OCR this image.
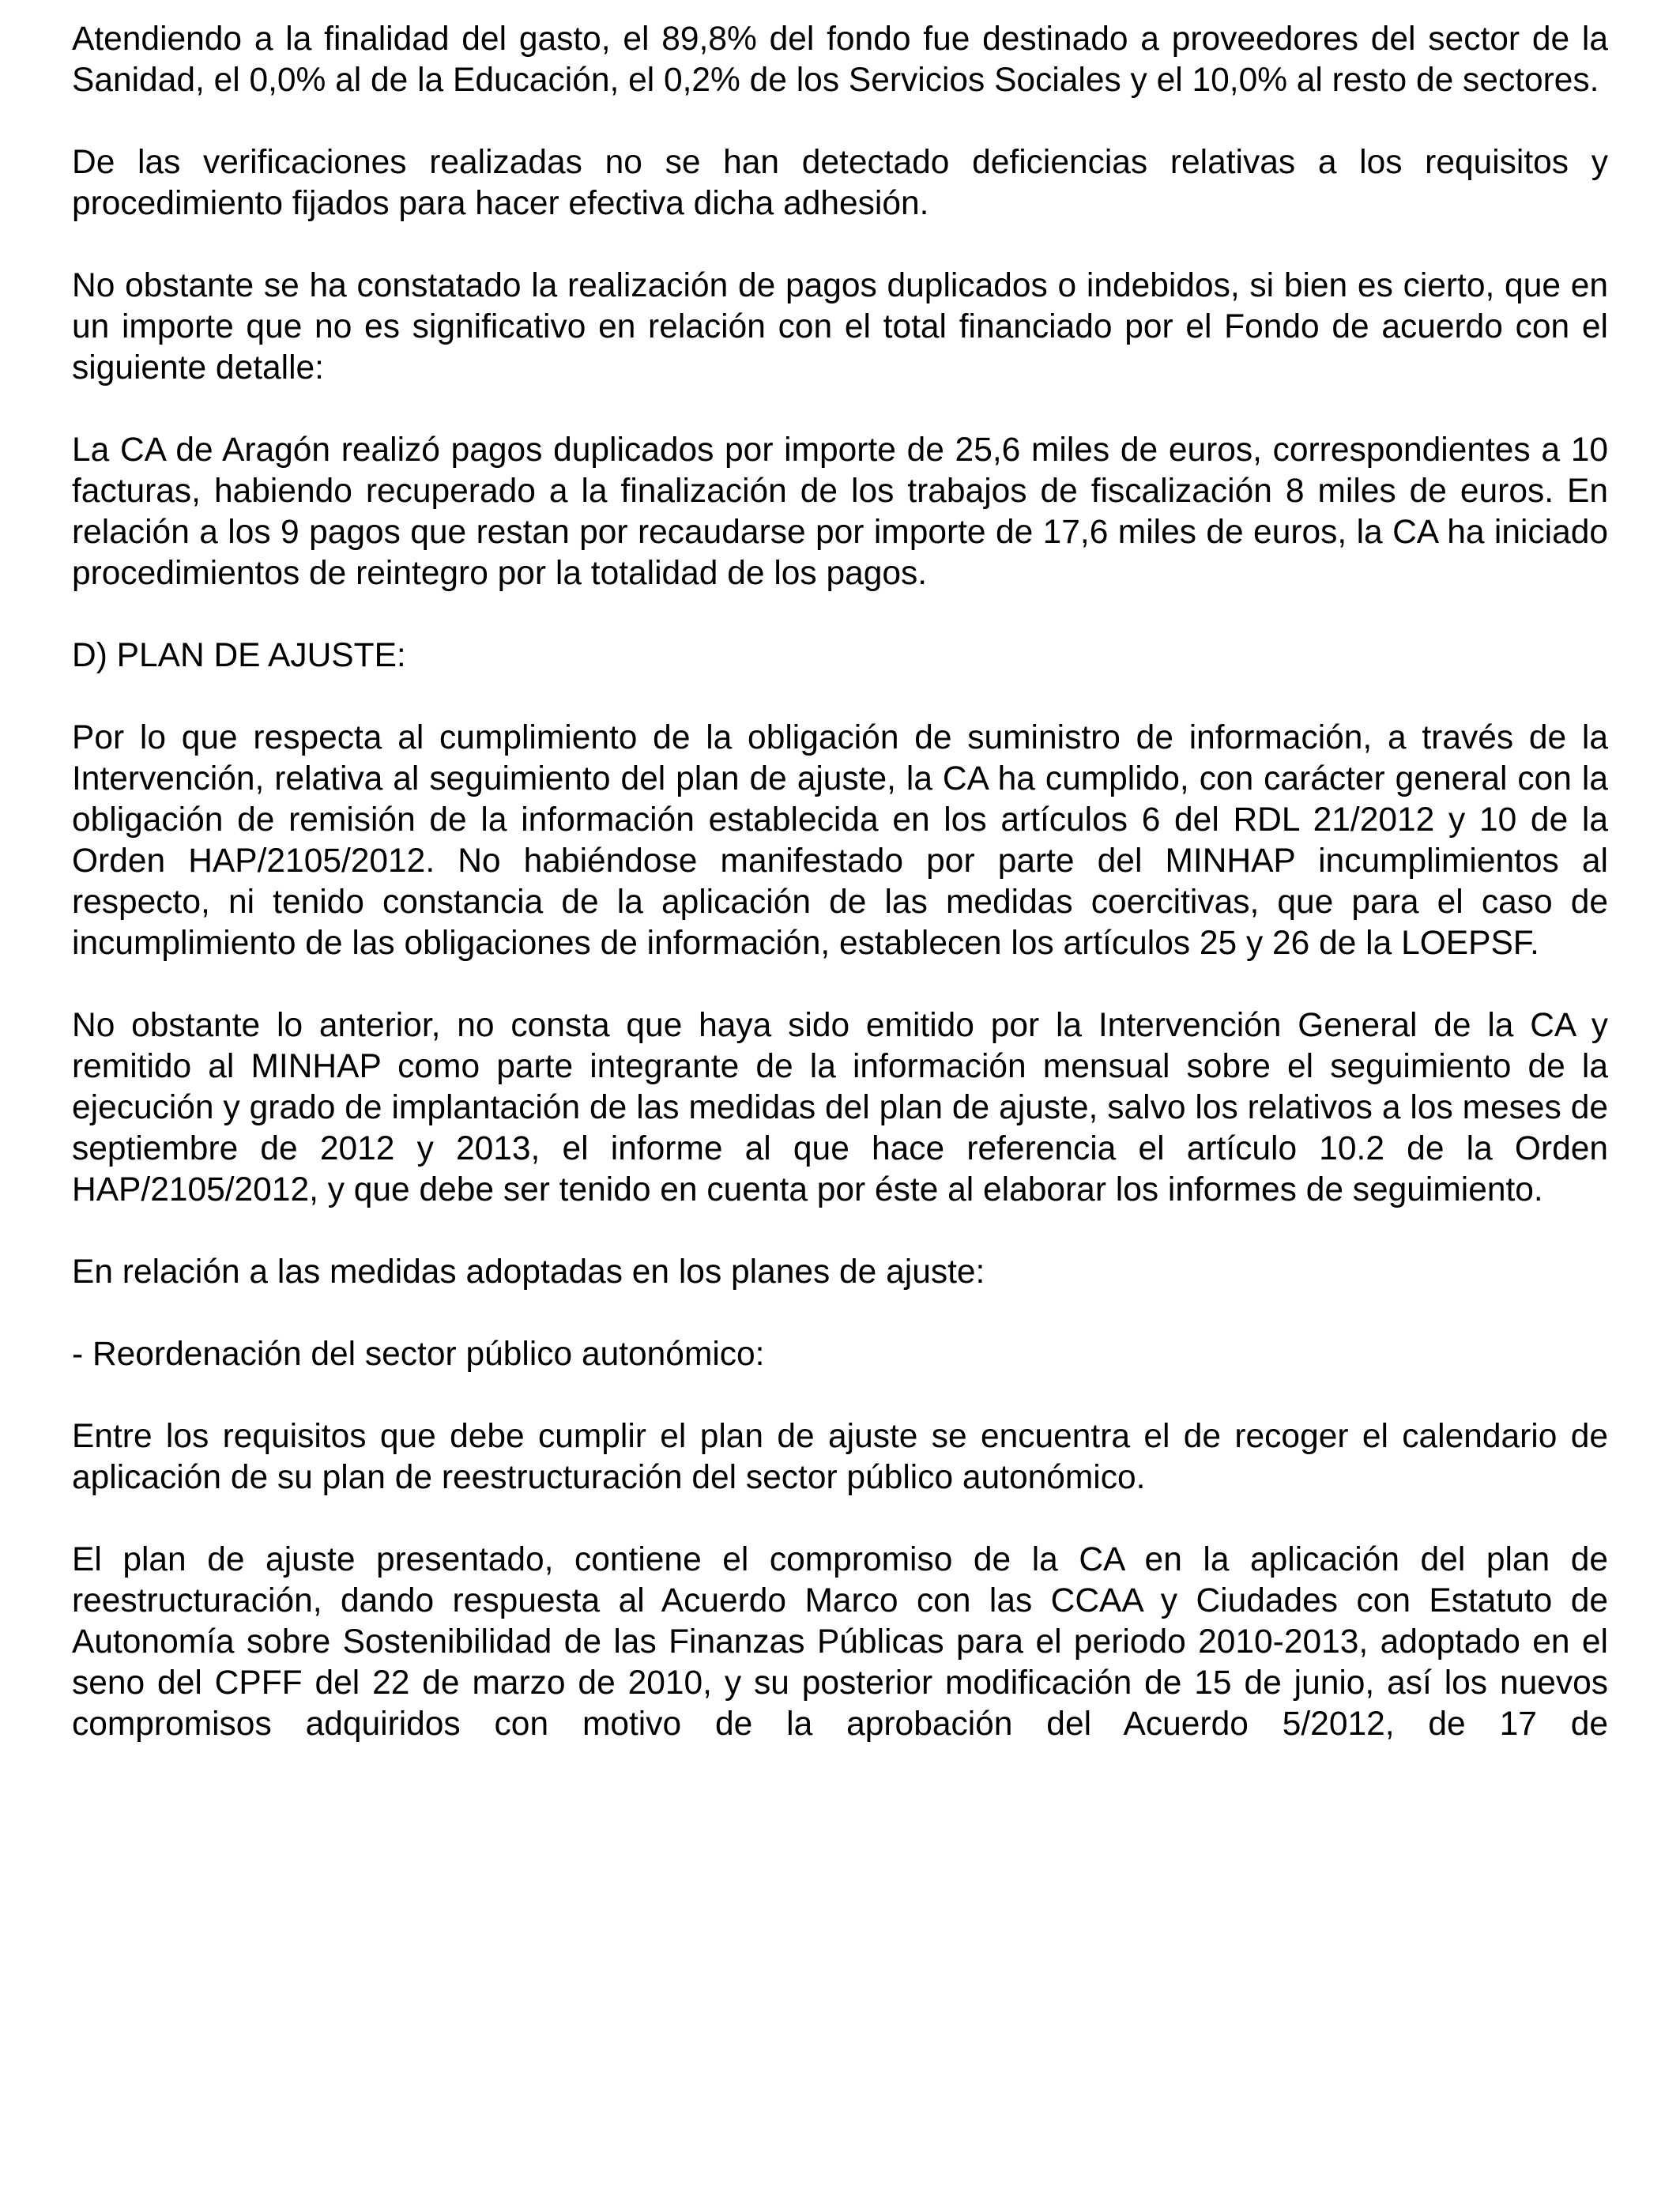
Atendiendo a la finalidad del gasto, el 89,8% del fondo fue destinado a proveedores del sector de la Sanidad, el 0,0% al de la Educación, el 0,2% de los Servicios Sociales y el 10,0% al resto de sectores.

De las verificaciones realizadas no se han detectado deficiencias relativas a los requisitos y procedimiento fijados para hacer efectiva dicha adhesión.

No obstante se ha constatado la realización de pagos duplicados o indebidos, si bien es cierto, que en un importe que no es significativo en relación con el total financiado por el Fondo de acuerdo con el siguiente detalle:

La CA de Aragón realizó pagos duplicados por importe de 25,6 miles de euros, correspondientes a 10 facturas, habiendo recuperado a la finalización de los trabajos de fiscalización 8 miles de euros. En relación a los 9 pagos que restan por recaudarse por importe de 17,6 miles de euros, la CA ha iniciado procedimientos de reintegro por la totalidad de los pagos.

D) PLAN DE AJUSTE:

Por lo que respecta al cumplimiento de la obligación de suministro de información, a través de la Intervención, relativa al seguimiento del plan de ajuste, la CA ha cumplido, con carácter general con la obligación de remisión de la información establecida en los artículos 6 del RDL 21/2012 y 10 de la Orden HAP/2105/2012. No habiéndose manifestado por parte del MINHAP incumplimientos al respecto, ni tenido constancia de la aplicación de las medidas coercitivas, que para el caso de incumplimiento de las obligaciones de información, establecen los artículos 25 y 26 de la LOEPSF.

No obstante lo anterior, no consta que haya sido emitido por la Intervención General de la CA y remitido al MINHAP como parte integrante de la información mensual sobre el seguimiento de la ejecución y grado de implantación de las medidas del plan de ajuste, salvo los relativos a los meses de septiembre de 2012 y 2013, el informe al que hace referencia el artículo 10.2 de la Orden HAP/2105/2012, y que debe ser tenido en cuenta por éste al elaborar los informes de seguimiento.

En relación a las medidas adoptadas en los planes de ajuste:

- Reordenación del sector público autonómico:

Entre los requisitos que debe cumplir el plan de ajuste se encuentra el de recoger el calendario de aplicación de su plan de reestructuración del sector público autonómico.

El plan de ajuste presentado, contiene el compromiso de la CA en la aplicación del plan de reestructuración, dando respuesta al Acuerdo Marco con las CCAA y Ciudades con Estatuto de Autonomía sobre Sostenibilidad de las Finanzas Públicas para el periodo 2010-2013, adoptado en el seno del CPFF del 22 de marzo de 2010, y su posterior modificación de 15 de junio, así los nuevos compromisos adquiridos con motivo de la aprobación del Acuerdo 5/2012, de 17 de
